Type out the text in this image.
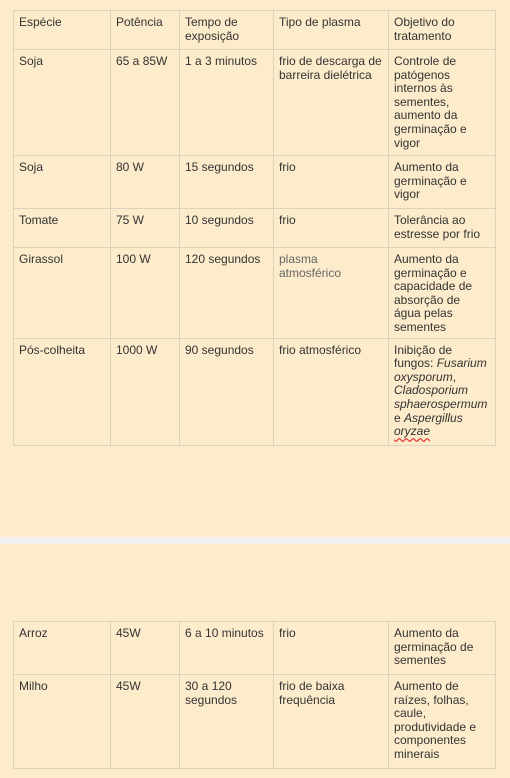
Espécie	Potência	Tempo de exposição	Tipo de plasma	Objetivo do tratamento
Soja	65 a 85W	1 a 3 minutos	frio de descarga de barreira dielétrica	Controle de patógenos internos às sementes, aumento da germinação e vigor
Soja	80 W	15 segundos	frio	Aumento da germinação e vigor
Tomate	75 W	10 segundos	frio	Tolerância ao estresse por frio
Girassol	100 W	120 segundos	plasma atmosférico	Aumento da germinação e capacidade de absorção de água pelas sementes
Pós-colheita	1000 W	90 segundos	frio atmosférico	Inibição de fungos: Fusarium oxysporum, Cladosporium sphaerospermum e Aspergillus oryzae
Arroz	45W	6 a 10 minutos	frio	Aumento da germinação de sementes
Milho	45W	30 a 120 segundos	frio de baixa frequência	Aumento de raízes, folhas, caule, produtividade e componentes minerais
